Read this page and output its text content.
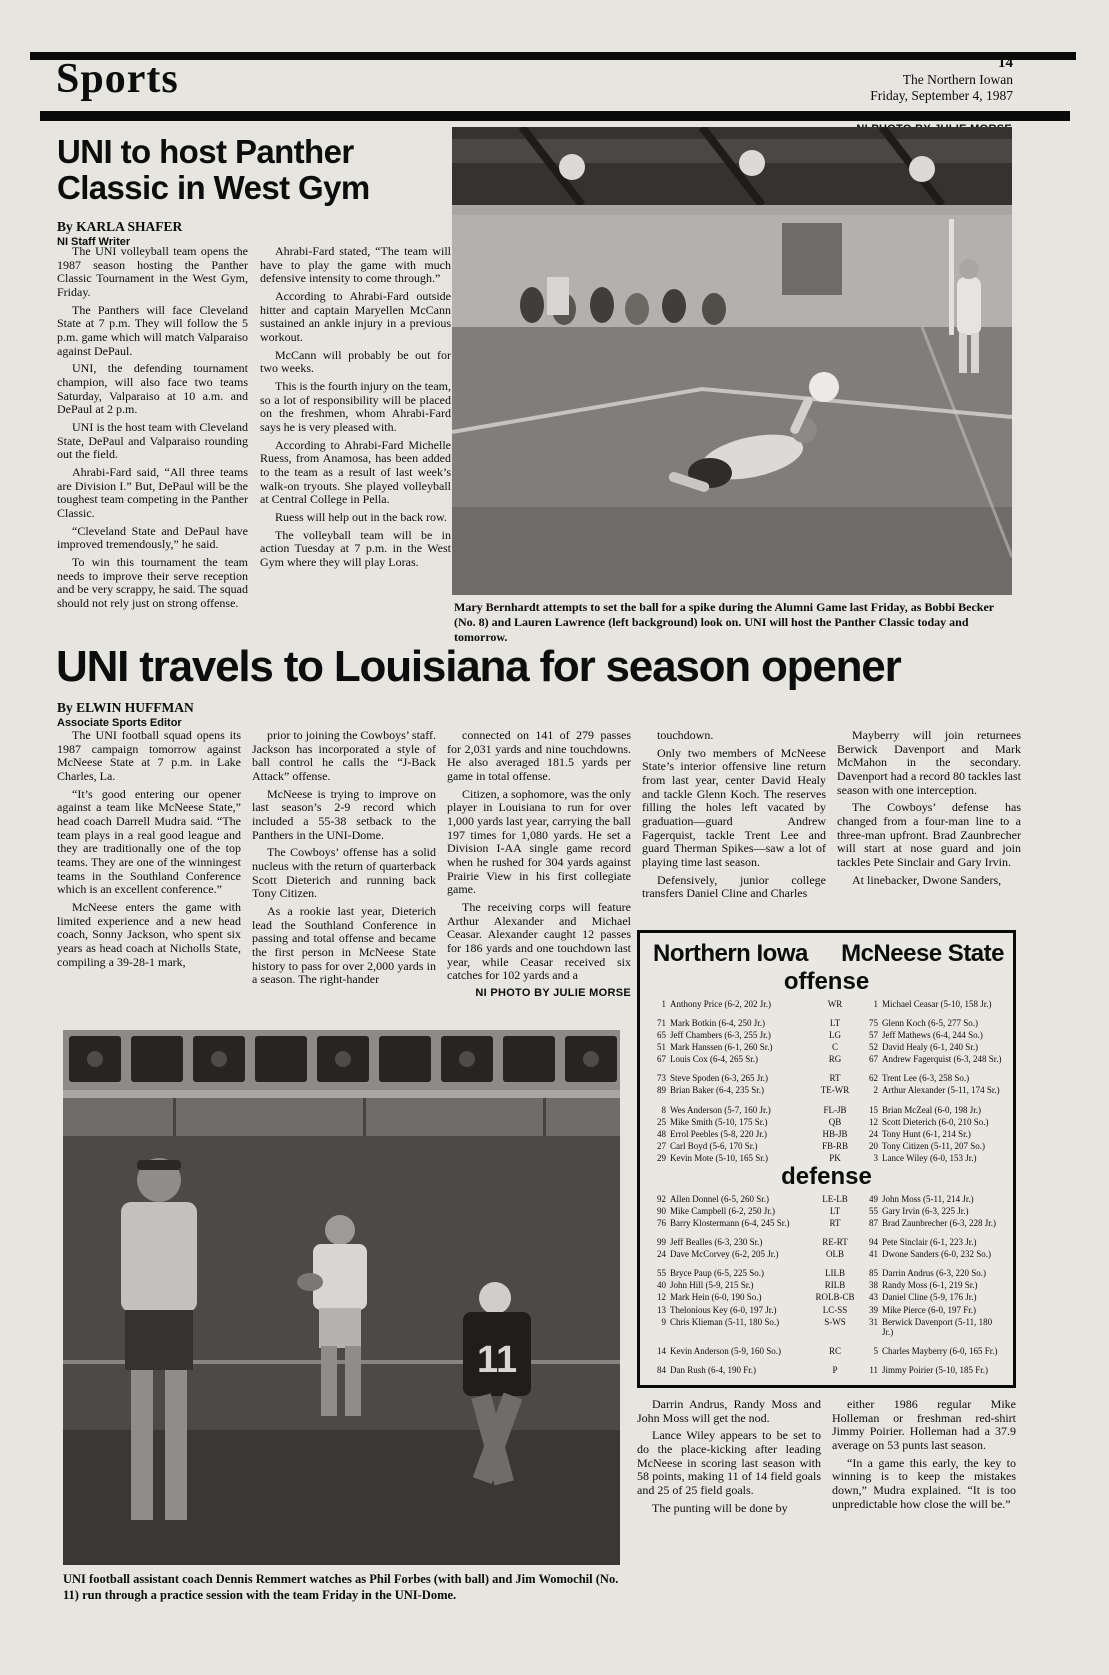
Sports	14
The Northern Iowan
Friday, September 4, 1987
UNI to host Panther Classic in West Gym
By KARLA SHAFER
NI Staff Writer

The UNI volleyball team opens the 1987 season hosting the Panther Classic Tournament in the West Gym, Friday.

The Panthers will face Cleveland State at 7 p.m. They will follow the 5 p.m. game which will match Valparaiso against DePaul.

UNI, the defending tournament champion, will also face two teams Saturday, Valparaiso at 10 a.m. and DePaul at 2 p.m.

UNI is the host team with Cleveland State, DePaul and Valparaiso rounding out the field.

Ahrabi-Fard said, “All three teams are Division I.” But, DePaul will be the toughest team competing in the Panther Classic.

“Cleveland State and DePaul have improved tremendously,” he said.

To win this tournament the team needs to improve their serve reception and be very scrappy, he said. The squad should not rely just on strong offense.

Ahrabi-Fard stated, “The team will have to play the game with much defensive intensity to come through.”

According to Ahrabi-Fard outside hitter and captain Maryellen McCann sustained an ankle injury in a previous workout.

McCann will probably be out for two weeks.

This is the fourth injury on the team, so a lot of responsibility will be placed on the freshmen, whom Ahrabi-Fard says he is very pleased with.

According to Ahrabi-Fard Michelle Ruess, from Anamosa, has been added to the team as a result of last week’s walk-on tryouts. She played volleyball at Central College in Pella.

Ruess will help out in the back row.

The volleyball team will be in action Tuesday at 7 p.m. in the West Gym where they will play Loras.

Mary Bernhardt attempts to set the ball for a spike during the Alumni Game last Friday, as Bobbi Becker (No. 8) and Lauren Lawrence (left background) look on. UNI will host the Panther Classic today and tomorrow.
UNI travels to Louisiana for season opener
By ELWIN HUFFMAN
Associate Sports Editor

The UNI football squad opens its 1987 campaign tomorrow against McNeese State at 7 p.m. in Lake Charles, La.

“It’s good entering our opener against a team like McNeese State,” head coach Darrell Mudra said. “The team plays in a real good league and they are traditionally one of the top teams. They are one of the winningest teams in the Southland Conference which is an excellent conference.”

McNeese enters the game with limited experience and a new head coach, Sonny Jackson, who spent six years as head coach at Nicholls State, compiling a 39-28-1 mark,

prior to joining the Cowboys’ staff. Jackson has incorporated a style of ball control he calls the “J-Back Attack” offense.

McNeese is trying to improve on last season’s 2-9 record which included a 55-38 setback to the Panthers in the UNI-Dome.

The Cowboys’ offense has a solid nucleus with the return of quarterback Scott Dieterich and running back Tony Citizen.

As a rookie last year, Dieterich lead the Southland Conference in passing and total offense and became the first person in McNeese State history to pass for over 2,000 yards in a season. The right-hander

connected on 141 of 279 passes for 2,031 yards and nine touchdowns. He also averaged 181.5 yards per game in total offense.

Citizen, a sophomore, was the only player in Louisiana to run for over 1,000 yards last year, carrying the ball 197 times for 1,080 yards. He set a Division I-AA single game record when he rushed for 304 yards against Prairie View in his first collegiate game.

The receiving corps will feature Arthur Alexander and Michael Ceasar. Alexander caught 12 passes for 186 yards and one touchdown last year, while Ceasar received six catches for 102 yards and a

NI PHOTO BY JULIE MORSE

touchdown.

Only two members of McNeese State’s interior offensive line return from last year, center David Healy and tackle Glenn Koch. The reserves filling the holes left vacated by graduation—guard Andrew Fagerquist, tackle Trent Lee and guard Therman Spikes—saw a lot of playing time last season.

Defensively, junior college transfers Daniel Cline and Charles

Mayberry will join returnees Berwick Davenport and Mark McMahon in the secondary. Davenport had a record 80 tackles last season with one interception.

The Cowboys’ defense has changed from a four-man line to a three-man upfront. Brad Zaunbrecher will start at nose guard and join tackles Pete Sinclair and Gary Irvin.

At linebacker, Dwone Sanders,

11
UNI football assistant coach Dennis Remmert watches as Phil Forbes (with ball) and Jim Womochil (No. 11) run through a practice session with the team Friday in the UNI-Dome.
Northern Iowa McNeese State
offense
1 Anthony Price (6-2, 202 Jr.)	WR	1 Michael Ceasar (5-10, 158 Jr.)
71 Mark Botkin (6-4, 250 Jr.)	LT	75 Glenn Koch (6-5, 277 So.)
65 Jeff Chambers (6-3, 255 Jr.)	LG	57 Jeff Mathews (6-4, 244 So.)
51 Mark Hanssen (6-1, 260 Sr.)	C	52 David Healy (6-1, 240 Sr.)
67 Louis Cox (6-4, 265 Sr.)	RG	67 Andrew Fagerquist (6-3, 248 Sr.)
73 Steve Spoden (6-3, 265 Jr.)	RT	62 Trent Lee (6-3, 258 So.)
89 Brian Baker (6-4, 235 Sr.)	TE-WR	2 Arthur Alexander (5-11, 174 Sr.)
8 Wes Anderson (5-7, 160 Jr.)	FL-JB	15 Brian McZeal (6-0, 198 Jr.)
25 Mike Smith (5-10, 175 Sr.)	QB	12 Scott Dieterich (6-0, 210 So.)
48 Errol Peebles (5-8, 220 Jr.)	HB-JB	24 Tony Hunt (6-1, 214 Sr.)
27 Carl Boyd (5-6, 170 Sr.)	FB-RB	20 Tony Citizen (5-11, 207 So.)
29 Kevin Mote (5-10, 165 Sr.)	PK	3 Lance Wiley (6-0, 153 Jr.)
defense
92 Allen Donnel (6-5, 260 Sr.)	LE-LB	49 John Moss (5-11, 214 Jr.)
90 Mike Campbell (6-2, 250 Jr.)	LT	55 Gary Irvin (6-3, 225 Jr.)
76 Barry Klostermann (6-4, 245 Sr.)	RT	87 Brad Zaunbrecher (6-3, 228 Jr.)
99 Jeff Bealles (6-3, 230 Sr.)	RE-RT	94 Pete Sinclair (6-1, 223 Jr.)
24 Dave McCorvey (6-2, 205 Jr.)	OLB	41 Dwone Sanders (6-0, 232 So.)
55 Bryce Paup (6-5, 225 So.)	LILB	85 Darrin Andrus (6-3, 220 So.)
40 John Hill (5-9, 215 Sr.)	RILB	38 Randy Moss (6-1, 219 Sr.)
12 Mark Hein (6-0, 190 So.)	ROLB-CB	43 Daniel Cline (5-9, 176 Jr.)
13 Thelonious Key (6-0, 197 Jr.)	LC-SS	39 Mike Pierce (6-0, 197 Fr.)
9 Chris Klieman (5-11, 180 So.)	S-WS	31 Berwick Davenport (5-11, 180 Jr.)
14 Kevin Anderson (5-9, 160 So.)	RC	5 Charles Mayberry (6-0, 165 Fr.)
84 Dan Rush (6-4, 190 Fr.)	P	11 Jimmy Poirier (5-10, 185 Fr.)

Darrin Andrus, Randy Moss and John Moss will get the nod.

Lance Wiley appears to be set to do the place-kicking after leading McNeese in scoring last season with 58 points, making 11 of 14 field goals and 25 of 25 field goals.

The punting will be done by

either 1986 regular Mike Holleman or freshman red-shirt Jimmy Poirier. Holleman had a 37.9 average on 53 punts last season.

“In a game this early, the key to winning is to keep the mistakes down,” Mudra explained. “It is too unpredictable how close the will be.”
